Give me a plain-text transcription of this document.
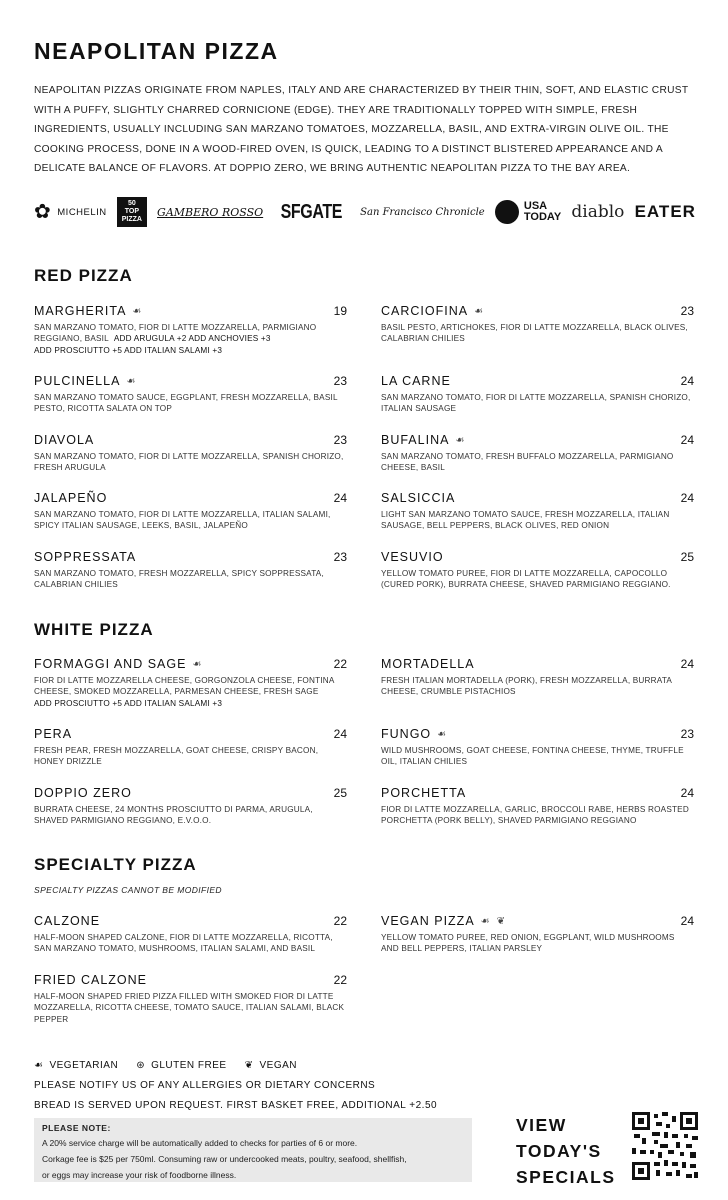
NEAPOLITAN PIZZA

NEAPOLITAN PIZZAS ORIGINATE FROM NAPLES, ITALY AND ARE CHARACTERIZED BY THEIR THIN, SOFT, AND ELASTIC CRUST WITH A PUFFY, SLIGHTLY CHARRED CORNICIONE (EDGE). THEY ARE TRADITIONALLY TOPPED WITH SIMPLE, FRESH INGREDIENTS, USUALLY INCLUDING SAN MARZANO TOMATOES, MOZZARELLA, BASIL, AND EXTRA-VIRGIN OLIVE OIL. THE COOKING PROCESS, DONE IN A WOOD-FIRED OVEN, IS QUICK, LEADING TO A DISTINCT BLISTERED APPEARANCE AND A DELICATE BALANCE OF FLAVORS. AT DOPPIO ZERO, WE BRING AUTHENTIC NEAPOLITAN PIZZA TO THE BAY AREA.

✿ MICHELIN
50
TOP
PIZZA
GAMBERO ROSSO SFGATE San Francisco Chronicle	USA
TODAY diablo EATER
RED PIZZA
MARGHERITA ☙	19
SAN MARZANO TOMATO, FIOR DI LATTE MOZZARELLA, PARMIGIANO REGGIANO, BASIL ADD ARUGULA +2 ADD ANCHOVIES +3
ADD PROSCIUTTO +5 ADD ITALIAN SALAMI +3
CARCIOFINA ☙	23
BASIL PESTO, ARTICHOKES, FIOR DI LATTE MOZZARELLA, BLACK OLIVES, CALABRIAN CHILIES
PULCINELLA ☙	23
SAN MARZANO TOMATO SAUCE, EGGPLANT, FRESH MOZZARELLA, BASIL PESTO, RICOTTA SALATA ON TOP
LA CARNE	24
SAN MARZANO TOMATO, FIOR DI LATTE MOZZARELLA, SPANISH CHORIZO, ITALIAN SAUSAGE
DIAVOLA	23
SAN MARZANO TOMATO, FIOR DI LATTE MOZZARELLA, SPANISH CHORIZO, FRESH ARUGULA
BUFALINA ☙	24
SAN MARZANO TOMATO, FRESH BUFFALO MOZZARELLA, PARMIGIANO CHEESE, BASIL
JALAPEÑO	24
SAN MARZANO TOMATO, FIOR DI LATTE MOZZARELLA, ITALIAN SALAMI, SPICY ITALIAN SAUSAGE, LEEKS, BASIL, JALAPEÑO
SALSICCIA	24
LIGHT SAN MARZANO TOMATO SAUCE, FRESH MOZZARELLA, ITALIAN SAUSAGE, BELL PEPPERS, BLACK OLIVES, RED ONION
SOPPRESSATA	23
SAN MARZANO TOMATO, FRESH MOZZARELLA, SPICY SOPPRESSATA, CALABRIAN CHILIES
VESUVIO	25
YELLOW TOMATO PUREE, FIOR DI LATTE MOZZARELLA, CAPOCOLLO (CURED PORK), BURRATA CHEESE, SHAVED PARMIGIANO REGGIANO.
WHITE PIZZA
FORMAGGI AND SAGE ☙	22
FIOR DI LATTE MOZZARELLA CHEESE, GORGONZOLA CHEESE, FONTINA CHEESE, SMOKED MOZZARELLA, PARMESAN CHEESE, FRESH SAGE
ADD PROSCIUTTO +5 ADD ITALIAN SALAMI +3
MORTADELLA	24
FRESH ITALIAN MORTADELLA (PORK), FRESH MOZZARELLA, BURRATA CHEESE, CRUMBLE PISTACHIOS
PERA	24
FRESH PEAR, FRESH MOZZARELLA, GOAT CHEESE, CRISPY BACON, HONEY DRIZZLE
FUNGO ☙	23
WILD MUSHROOMS, GOAT CHEESE, FONTINA CHEESE, THYME, TRUFFLE OIL, ITALIAN CHILIES
DOPPIO ZERO	25
BURRATA CHEESE, 24 MONTHS PROSCIUTTO DI PARMA, ARUGULA, SHAVED PARMIGIANO REGGIANO, E.V.O.O.
PORCHETTA	24
FIOR DI LATTE MOZZARELLA, GARLIC, BROCCOLI RABE, HERBS ROASTED PORCHETTA (PORK BELLY), SHAVED PARMIGIANO REGGIANO
SPECIALTY PIZZA

SPECIALTY PIZZAS CANNOT BE MODIFIED

CALZONE	22
HALF-MOON SHAPED CALZONE, FIOR DI LATTE MOZZARELLA, RICOTTA, SAN MARZANO TOMATO, MUSHROOMS, ITALIAN SALAMI, AND BASIL
VEGAN PIZZA ☙ ❦	24
YELLOW TOMATO PUREE, RED ONION, EGGPLANT, WILD MUSHROOMS AND BELL PEPPERS, ITALIAN PARSLEY
FRIED CALZONE	22
HALF-MOON SHAPED FRIED PIZZA FILLED WITH SMOKED FIOR DI LATTE MOZZARELLA, RICOTTA CHEESE, TOMATO SAUCE, ITALIAN SALAMI, BLACK PEPPER
☙ VEGETARIAN ⊛ GLUTEN FREE ❦ VEGAN

PLEASE NOTIFY US OF ANY ALLERGIES OR DIETARY CONCERNS

BREAD IS SERVED UPON REQUEST. FIRST BASKET FREE, ADDITIONAL +2.50

PLEASE NOTE:
A 20% service charge will be automatically added to checks for parties of 6 or more.
Corkage fee is $25 per 750ml. Consuming raw or undercooked meats, poultry, seafood, shellfish,
or eggs may increase your risk of foodborne illness.
VIEW
TODAY'S
SPECIALS
